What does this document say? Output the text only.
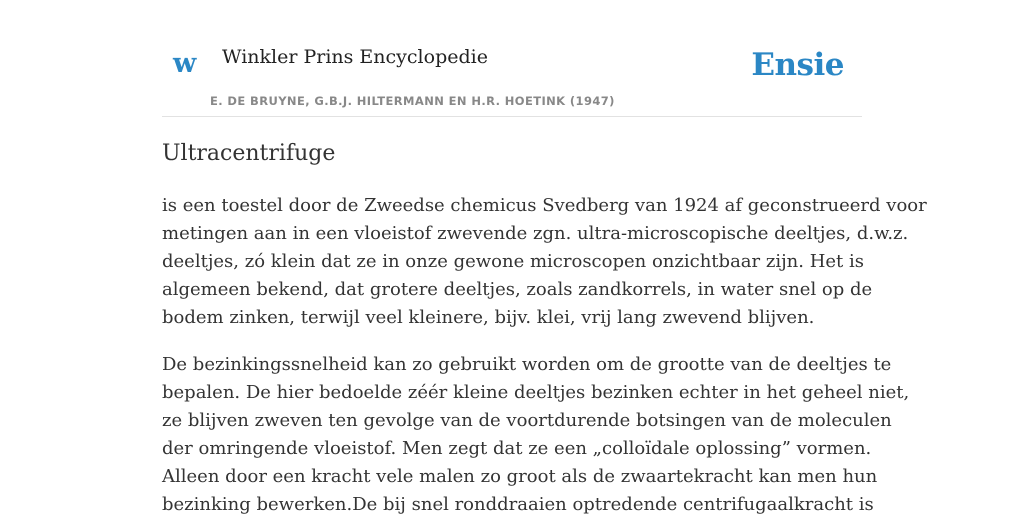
w Winkler Prins Encyclopedie
E. DE BRUYNE, G.B.J. HILTERMANN EN H.R. HOETINK (1947)
Ensie
Ultracentrifuge

is een toestel door de Zweedse chemicus Svedberg van 1924 af geconstrueerd voor
metingen aan in een vloeistof zwevende zgn. ultra-microscopische deeltjes, d.w.z.
deeltjes, zó klein dat ze in onze gewone microscopen onzichtbaar zijn. Het is
algemeen bekend, dat grotere deeltjes, zoals zandkorrels, in water snel op de
bodem zinken, terwijl veel kleinere, bijv. klei, vrij lang zwevend blijven.

De bezinkingssnelheid kan zo gebruikt worden om de grootte van de deeltjes te
bepalen. De hier bedoelde zéér kleine deeltjes bezinken echter in het geheel niet,
ze blijven zweven ten gevolge van de voortdurende botsingen van de moleculen
der omringende vloeistof. Men zegt dat ze een „colloïdale oplossing” vormen.
Alleen door een kracht vele malen zo groot als de zwaartekracht kan men hun
bezinking bewerken.De bij snel ronddraaien optredende centrifugaalkracht is
